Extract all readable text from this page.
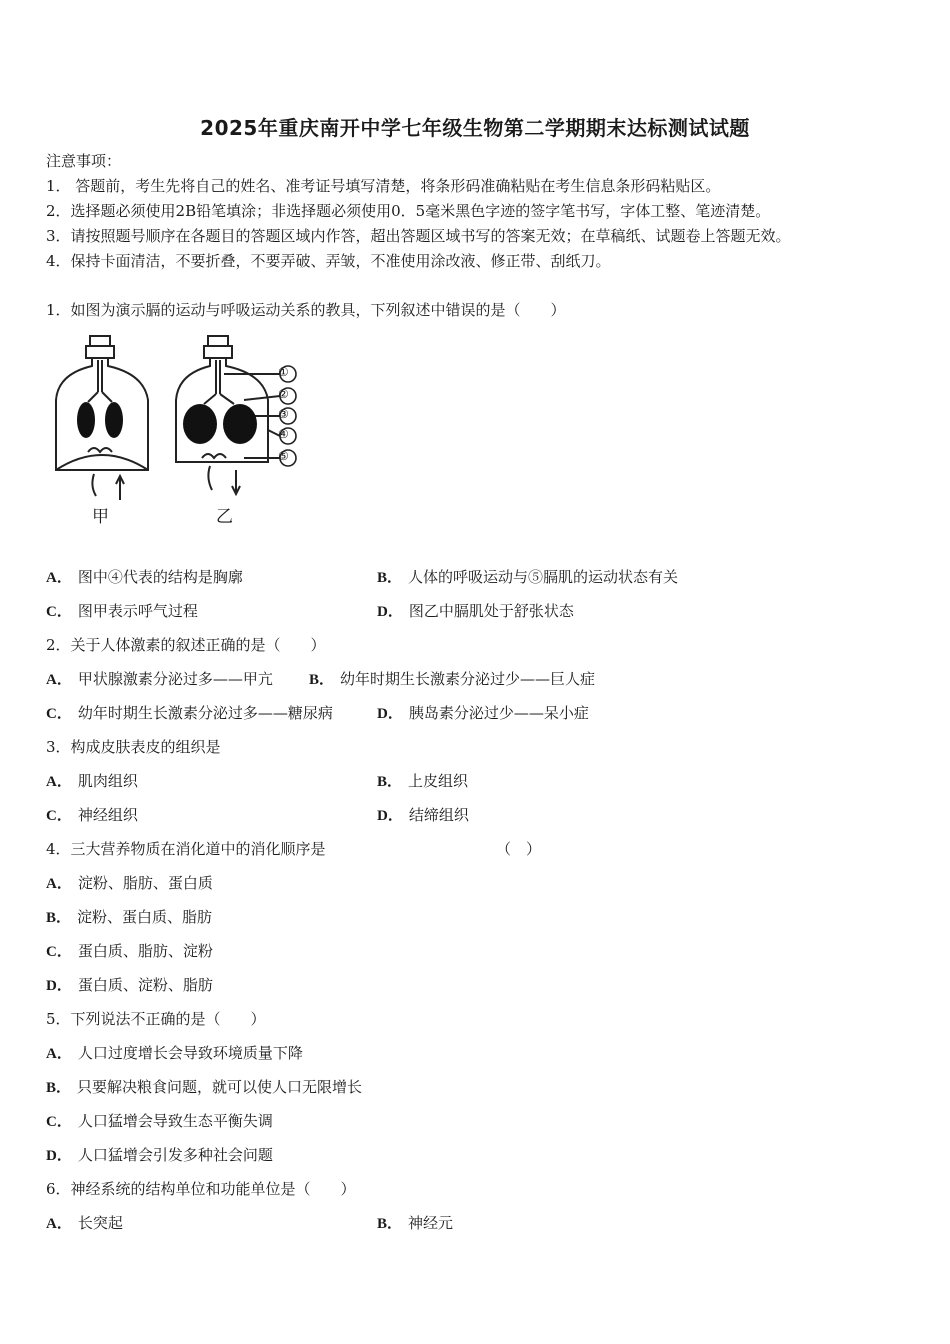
2025年重庆南开中学七年级生物第二学期期末达标测试试题
注意事项：
1． 答题前，考生先将自己的姓名、准考证号填写清楚，将条形码准确粘贴在考生信息条形码粘贴区。
2．选择题必须使用2B铅笔填涂；非选择题必须使用0．5毫米黑色字迹的签字笔书写，字体工整、笔迹清楚。
3．请按照题号顺序在各题目的答题区域内作答，超出答题区域书写的答案无效；在草稿纸、试题卷上答题无效。
4．保持卡面清洁，不要折叠，不要弄破、弄皱，不准使用涂改液、修正带、刮纸刀。
1．如图为演示膈的运动与呼吸运动关系的教具，下列叙述中错误的是（　　）
①
②
③
④
⑤
甲	乙
A． 图中④代表的结构是胸廓	B． 人体的呼吸运动与⑤膈肌的运动状态有关
C． 图甲表示呼气过程	D． 图乙中膈肌处于舒张状态
2．关于人体激素的叙述正确的是（　　）
A． 甲状腺激素分泌过多——甲亢 B． 幼年时期生长激素分泌过少——巨人症
C． 幼年时期生长激素分泌过多——糖尿病	D． 胰岛素分泌过少——呆小症
3．构成皮肤表皮的组织是
A． 肌肉组织	B． 上皮组织
C． 神经组织	D． 结缔组织
4．三大营养物质在消化道中的消化顺序是	（　）
A． 淀粉、脂肪、蛋白质
B． 淀粉、蛋白质、脂肪
C． 蛋白质、脂肪、淀粉
D． 蛋白质、淀粉、脂肪
5．下列说法不正确的是（　　）
A． 人口过度增长会导致环境质量下降
B． 只要解决粮食问题，就可以使人口无限增长
C． 人口猛增会导致生态平衡失调
D． 人口猛增会引发多种社会问题
6．神经系统的结构单位和功能单位是（　　）
A． 长突起	B． 神经元
